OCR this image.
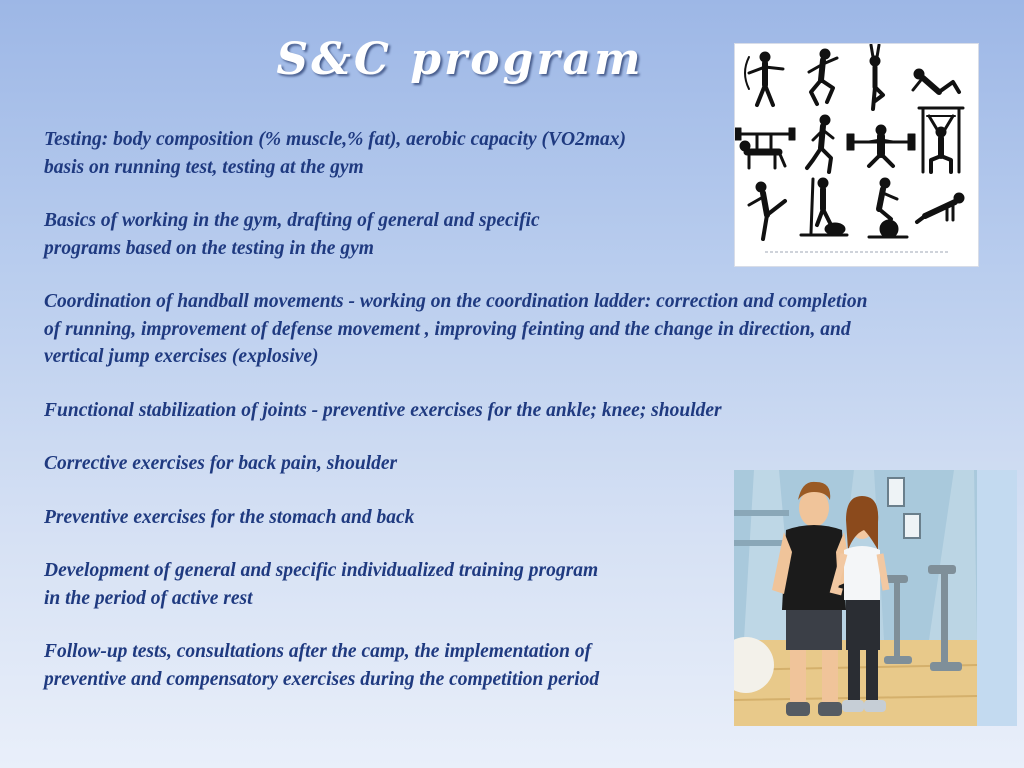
S&C program

Testing: body composition (% muscle,% fat), aerobic capacity (VO2max)
basis on running test, testing at the gym

Basics of working in the gym, drafting of general and specific
programs based on the testing in the gym

Coordination of handball movements - working on the coordination ladder: correction and completion
of running, improvement of defense movement , improving feinting and the change in direction, and
vertical jump exercises (explosive)

Functional stabilization of joints - preventive exercises for the ankle; knee; shoulder

Corrective exercises for back pain, shoulder

Preventive exercises for the stomach and back

Development of general and specific individualized training program
in the period of active rest

Follow-up tests, consultations after the camp, the implementation of
preventive and compensatory exercises during the competition period
